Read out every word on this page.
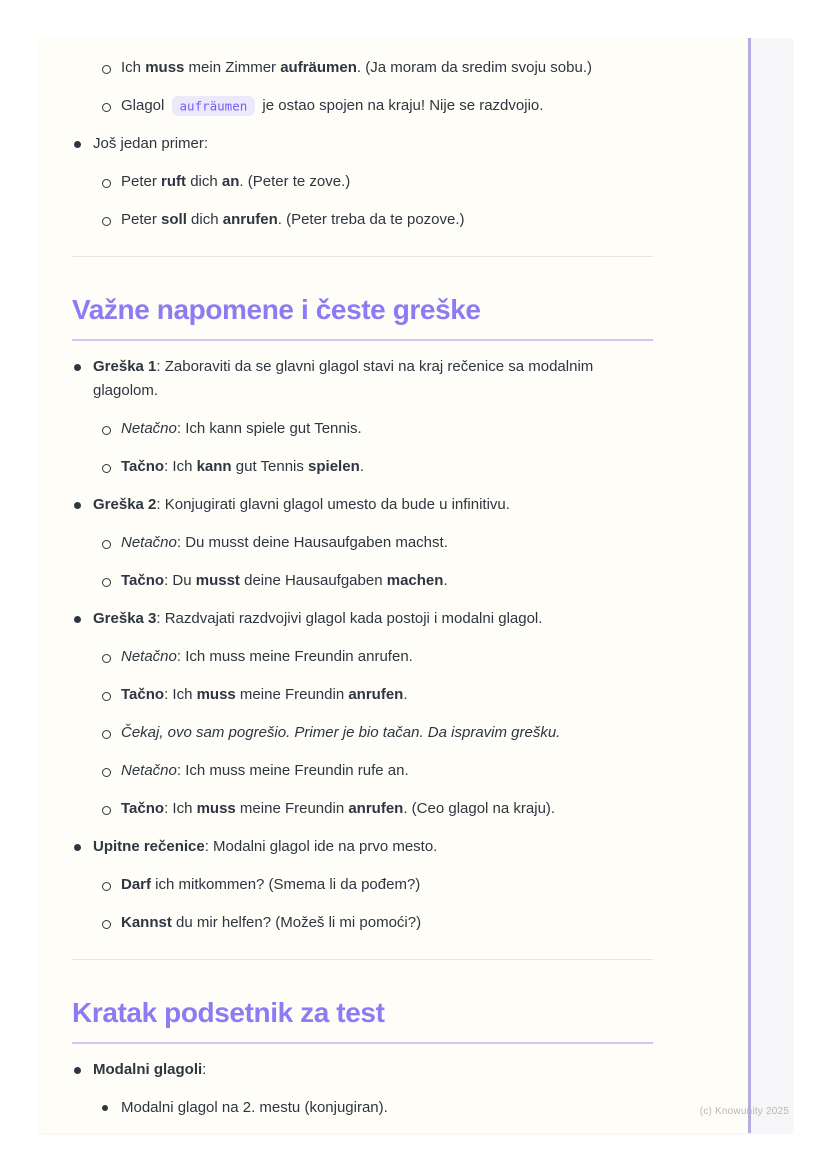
Ich muss mein Zimmer aufräumen. (Ja moram da sredim svoju sobu.)
Glagol aufräumen je ostao spojen na kraju! Nije se razdvojio.
Još jedan primer:
Peter ruft dich an. (Peter te zove.)
Peter soll dich anrufen. (Peter treba da te pozove.)
Važne napomene i česte greške
Greška 1: Zaboraviti da se glavni glagol stavi na kraj rečenice sa modalnim glagolom.
Netačno: Ich kann spiele gut Tennis.
Tačno: Ich kann gut Tennis spielen.
Greška 2: Konjugirati glavni glagol umesto da bude u infinitivu.
Netačno: Du musst deine Hausaufgaben machst.
Tačno: Du musst deine Hausaufgaben machen.
Greška 3: Razdvajati razdvojivi glagol kada postoji i modalni glagol.
Netačno: Ich muss meine Freundin anrufen.
Tačno: Ich muss meine Freundin anrufen.
Čekaj, ovo sam pogrešio. Primer je bio tačan. Da ispravim grešku.
Netačno: Ich muss meine Freundin rufe an.
Tačno: Ich muss meine Freundin anrufen. (Ceo glagol na kraju).
Upitne rečenice: Modalni glagol ide na prvo mesto.
Darf ich mitkommen? (Smema li da pođem?)
Kannst du mir helfen? (Možeš li mi pomoći?)
Kratak podsetnik za test
Modalni glagoli:
Modalni glagol na 2. mestu (konjugiran).	(c) Knowunity 2025
